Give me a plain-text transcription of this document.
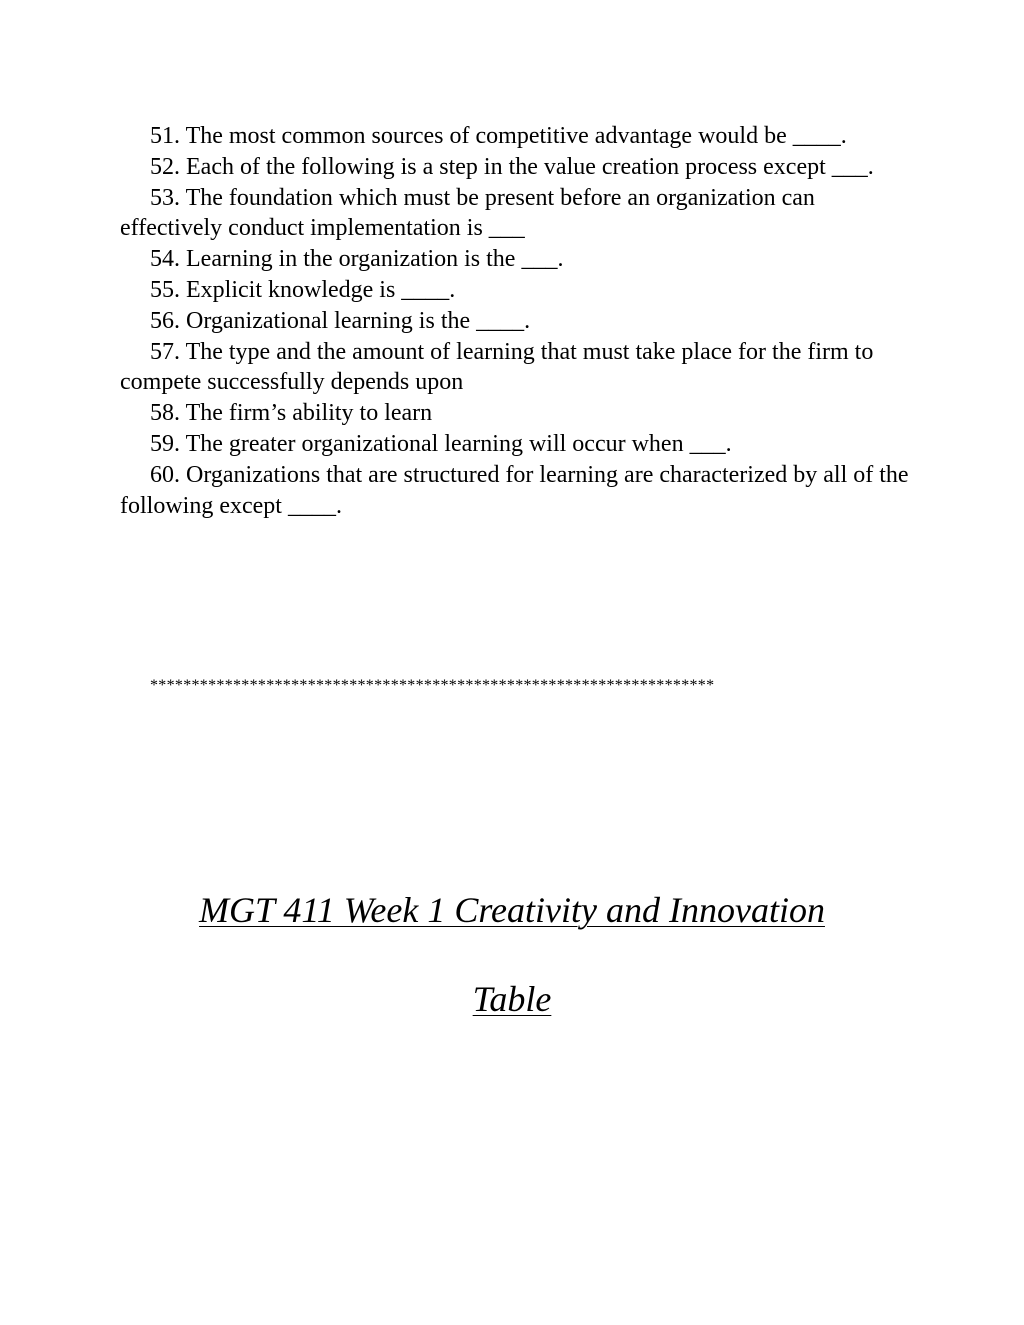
51. The most common sources of competitive advantage would be ____.

52. Each of the following is a step in the value creation process except ___.

53. The foundation which must be present before an organization can effectively conduct implementation is ___

54. Learning in the organization is the ___.

55. Explicit knowledge is ____.

56. Organizational learning is the ____.

57. The type and the amount of learning that must take place for the firm to compete successfully depends upon

58. The firm’s ability to learn

59. The greater organizational learning will occur when ___.

60. Organizations that are structured for learning are characterized by all of the following except ____.

********************************************************************
MGT 411 Week 1 Creativity and Innovation
Table
